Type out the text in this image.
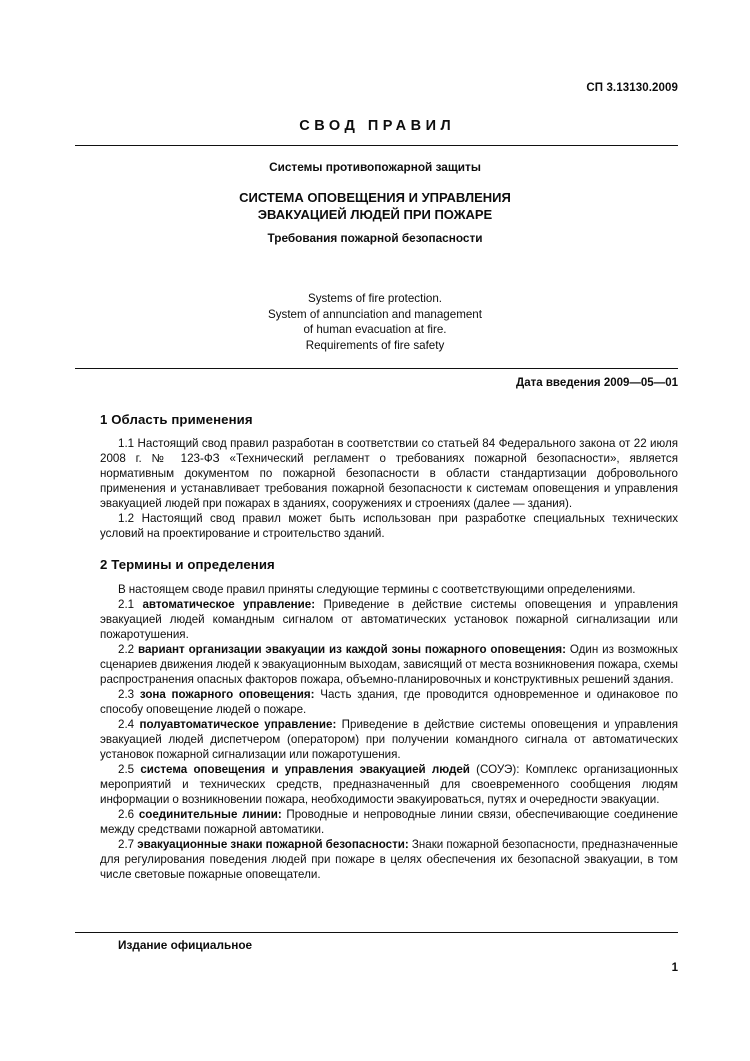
СП 3.13130.2009
СВОД ПРАВИЛ
Системы противопожарной защиты
СИСТЕМА ОПОВЕЩЕНИЯ И УПРАВЛЕНИЯ
ЭВАКУАЦИЕЙ ЛЮДЕЙ ПРИ ПОЖАРЕ
Требования пожарной безопасности
Systems of fire protection.
System of annunciation and management
of human evacuation at fire.
Requirements of fire safety
Дата введения 2009—05—01
1 Область применения

1.1 Настоящий свод правил разработан в соответствии со статьей 84 Федерального закона от 22 июля 2008 г. № 123-ФЗ «Технический регламент о требованиях пожарной безопасности», является нормативным документом по пожарной безопасности в области стандартизации добровольного применения и устанавливает требования пожарной безопасности к системам оповещения и управления эвакуацией людей при пожарах в зданиях, сооружениях и строениях (далее — здания).

1.2 Настоящий свод правил может быть использован при разработке специальных технических условий на проектирование и строительство зданий.

2 Термины и определения

В настоящем своде правил приняты следующие термины с соответствующими определениями.

2.1 автоматическое управление: Приведение в действие системы оповещения и управления эвакуацией людей командным сигналом от автоматических установок пожарной сигнализации или пожаротушения.

2.2 вариант организации эвакуации из каждой зоны пожарного оповещения: Один из возможных сценариев движения людей к эвакуационным выходам, зависящий от места возникновения пожара, схемы распространения опасных факторов пожара, объемно-планировочных и конструктивных решений здания.

2.3 зона пожарного оповещения: Часть здания, где проводится одновременное и одинаковое по способу оповещение людей о пожаре.

2.4 полуавтоматическое управление: Приведение в действие системы оповещения и управления эвакуацией людей диспетчером (оператором) при получении командного сигнала от автоматических установок пожарной сигнализации или пожаротушения.

2.5 система оповещения и управления эвакуацией людей (СОУЭ): Комплекс организационных мероприятий и технических средств, предназначенный для своевременного сообщения людям информации о возникновении пожара, необходимости эвакуироваться, путях и очередности эвакуации.

2.6 соединительные линии: Проводные и непроводные линии связи, обеспечивающие соединение между средствами пожарной автоматики.

2.7 эвакуационные знаки пожарной безопасности: Знаки пожарной безопасности, предназначенные для регулирования поведения людей при пожаре в целях обеспечения их безопасной эвакуации, в том числе световые пожарные оповещатели.

Издание официальное
1
